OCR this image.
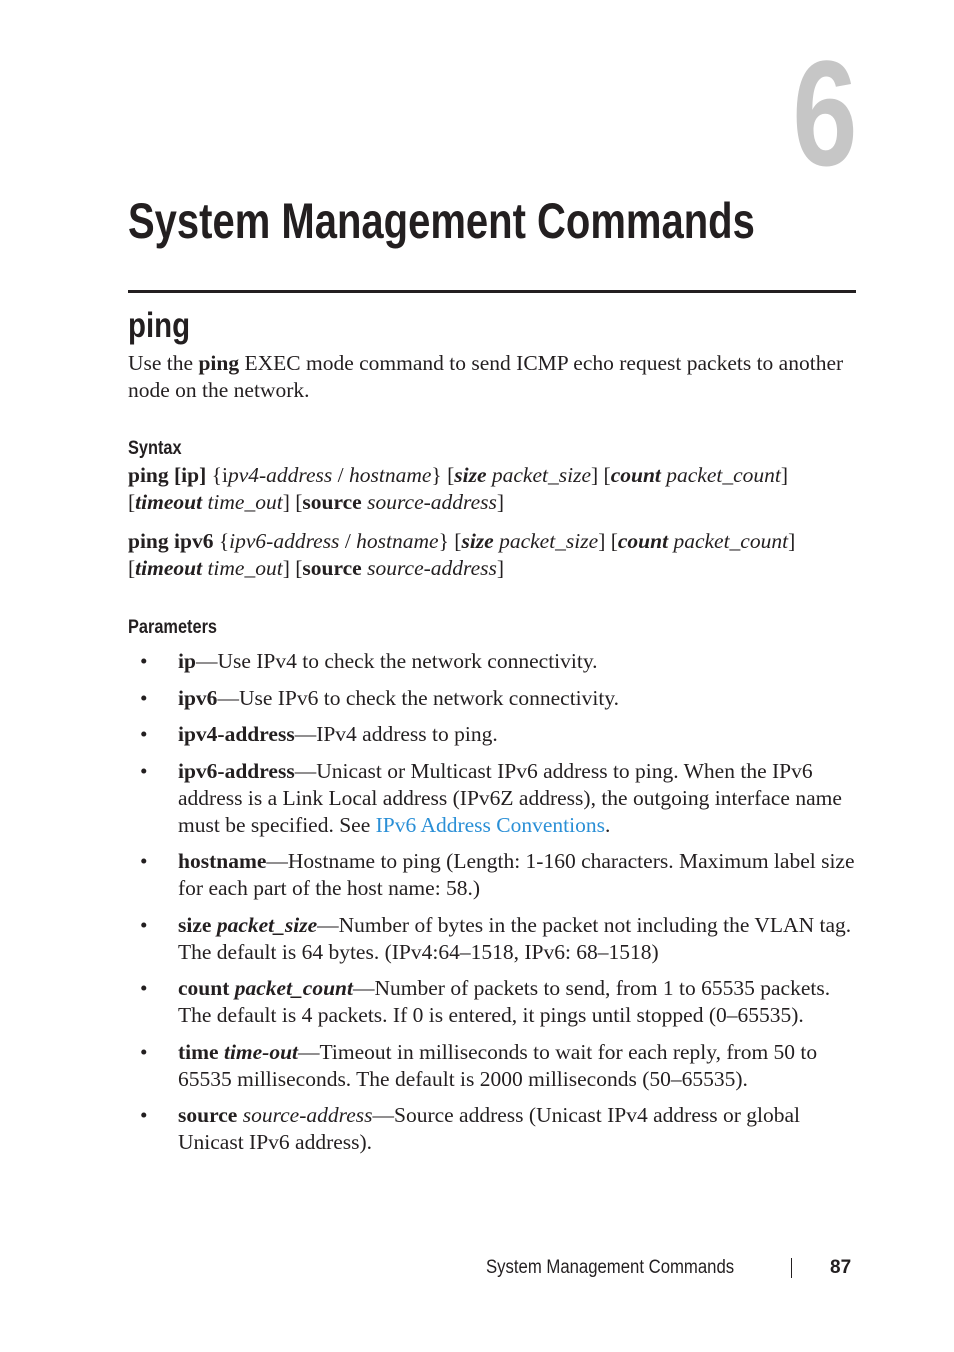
6
System Management Commands
ping

Use the ping EXEC mode command to send ICMP echo request packets to another node on the network.

Syntax

ping [ip] {ipv4-address / hostname} [size packet_size] [count packet_count] [timeout time_out] [source source-address]

ping ipv6 {ipv6-address / hostname} [size packet_size] [count packet_count] [timeout time_out] [source source-address]

Parameters
• ip—Use IPv4 to check the network connectivity.
• ipv6—Use IPv6 to check the network connectivity.
• ipv4-address—IPv4 address to ping.
• ipv6-address—Unicast or Multicast IPv6 address to ping. When the IPv6 address is a Link Local address (IPv6Z address), the outgoing interface name must be specified. See IPv6 Address Conventions.
• hostname—Hostname to ping (Length: 1-160 characters. Maximum label size for each part of the host name: 58.)
• size packet_size—Number of bytes in the packet not including the VLAN tag. The default is 64 bytes. (IPv4:64–1518, IPv6: 68–1518)
• count packet_count—Number of packets to send, from 1 to 65535 packets. The default is 4 packets. If 0 is entered, it pings until stopped (0–65535).
• time time-out—Timeout in milliseconds to wait for each reply, from 50 to 65535 milliseconds. The default is 2000 milliseconds (50–65535).
• source source-address—Source address (Unicast IPv4 address or global Unicast IPv6 address).
System Management Commands	87
